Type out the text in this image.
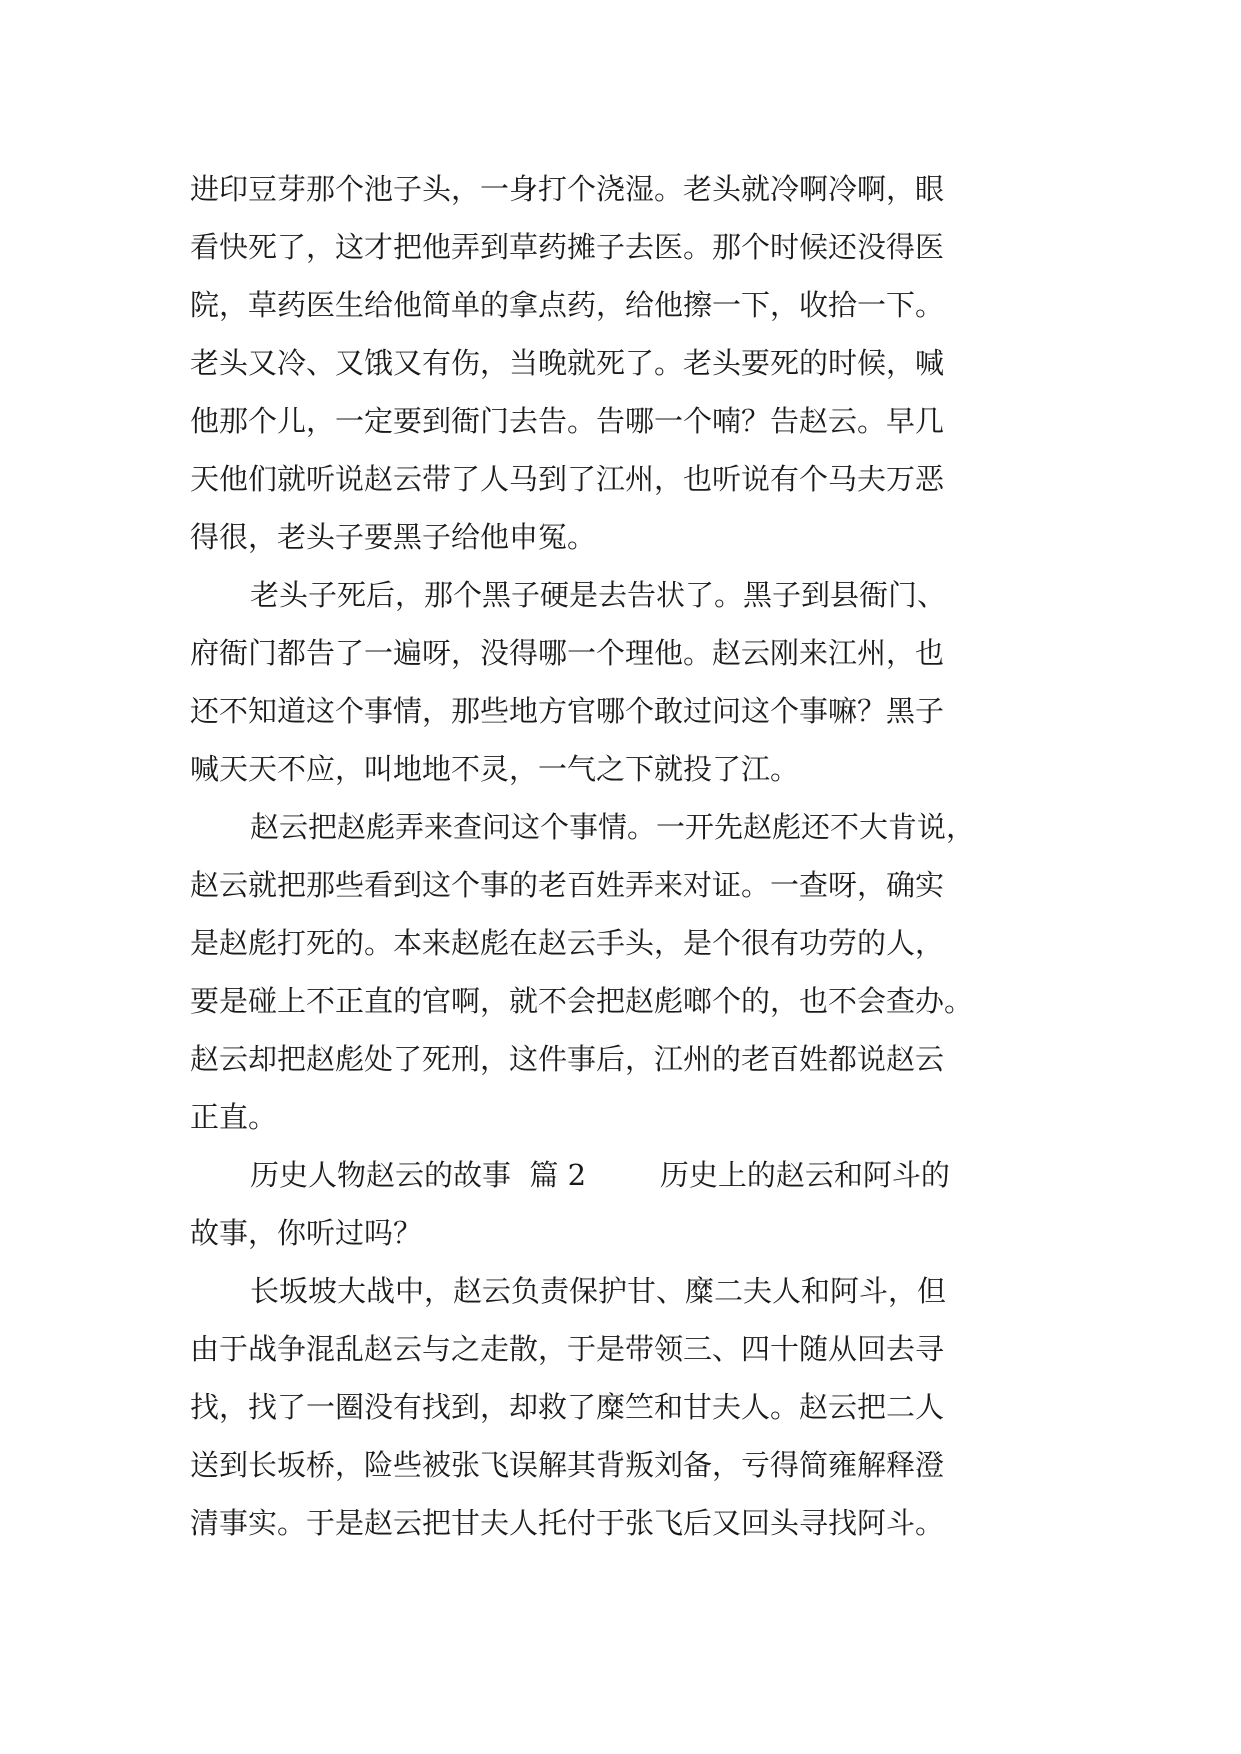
进印豆芽那个池子头，一身打个浇湿。老头就冷啊冷啊，眼
看快死了，这才把他弄到草药摊子去医。那个时候还没得医
院，草药医生给他简单的拿点药，给他擦一下，收拾一下。
老头又冷、又饿又有伤，当晚就死了。老头要死的时候，喊
他那个儿，一定要到衙门去告。告哪一个喃？告赵云。早几
天他们就听说赵云带了人马到了江州，也听说有个马夫万恶
得很，老头子要黑子给他申冤。
老头子死后，那个黑子硬是去告状了。黑子到县衙门、
府衙门都告了一遍呀，没得哪一个理他。赵云刚来江州，也
还不知道这个事情，那些地方官哪个敢过问这个事嘛？黑子
喊天天不应，叫地地不灵，一气之下就投了江。
赵云把赵彪弄来查问这个事情。一开先赵彪还不大肯说，
赵云就把那些看到这个事的老百姓弄来对证。一查呀，确实
是赵彪打死的。本来赵彪在赵云手头，是个很有功劳的人，
要是碰上不正直的官啊，就不会把赵彪啷个的，也不会查办。
赵云却把赵彪处了死刑，这件事后，江州的老百姓都说赵云
正直。
历史人物赵云的故事  篇 2        历史上的赵云和阿斗的
故事，你听过吗？
长坂坡大战中，赵云负责保护甘、糜二夫人和阿斗，但
由于战争混乱赵云与之走散，于是带领三、四十随从回去寻
找，找了一圈没有找到，却救了糜竺和甘夫人。赵云把二人
送到长坂桥，险些被张飞误解其背叛刘备，亏得简雍解释澄
清事实。于是赵云把甘夫人托付于张飞后又回头寻找阿斗。
